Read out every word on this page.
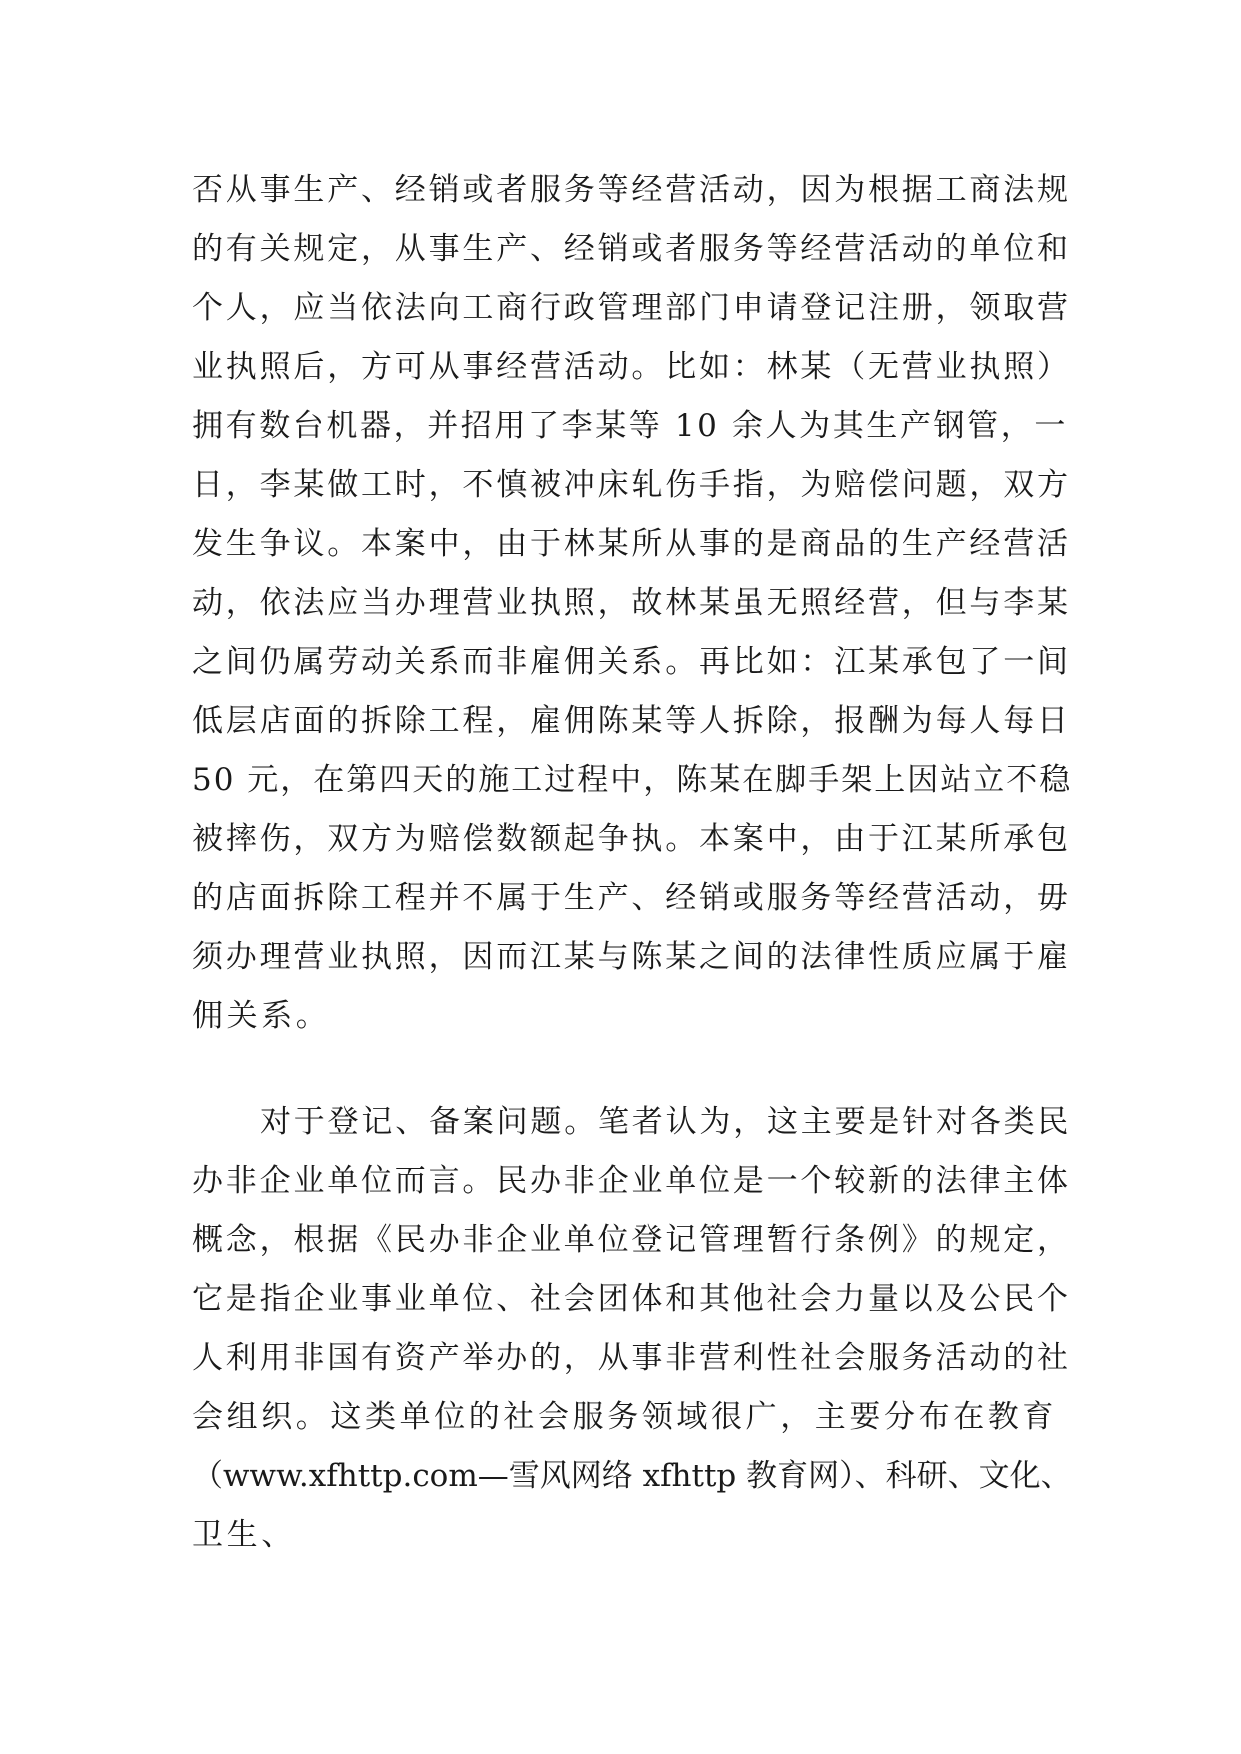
否从事生产、经销或者服务等经营活动，因为根据工商法规
的有关规定，从事生产、经销或者服务等经营活动的单位和
个人，应当依法向工商行政管理部门申请登记注册，领取营
业执照后，方可从事经营活动。比如：林某（无营业执照）
拥有数台机器，并招用了李某等 10 余人为其生产钢管，一
日，李某做工时，不慎被冲床轧伤手指，为赔偿问题，双方
发生争议。本案中，由于林某所从事的是商品的生产经营活
动，依法应当办理营业执照，故林某虽无照经营，但与李某
之间仍属劳动关系而非雇佣关系。再比如：江某承包了一间
低层店面的拆除工程，雇佣陈某等人拆除，报酬为每人每日
50 元，在第四天的施工过程中，陈某在脚手架上因站立不稳
被摔伤，双方为赔偿数额起争执。本案中，由于江某所承包
的店面拆除工程并不属于生产、经销或服务等经营活动，毋
须办理营业执照，因而江某与陈某之间的法律性质应属于雇
佣关系。
对于登记、备案问题。笔者认为，这主要是针对各类民
办非企业单位而言。民办非企业单位是一个较新的法律主体
概念，根据《民办非企业单位登记管理暂行条例》的规定，
它是指企业事业单位、社会团体和其他社会力量以及公民个
人利用非国有资产举办的，从事非营利性社会服务活动的社
会组织。这类单位的社会服务领域很广，主要分布在教育
（www.xfhttp.com—雪风网络 xfhttp 教育网）、科研、文化、
卫生、
